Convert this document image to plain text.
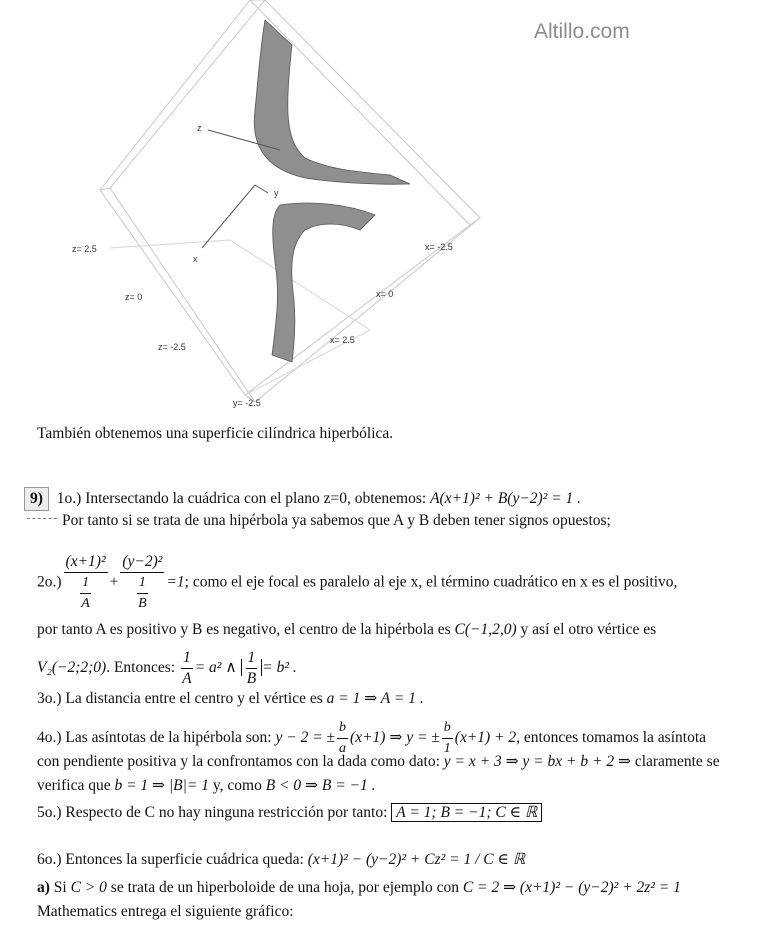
Altillo.com
z
x
y
z= 2.5
z= 0
z= -2.5
x= -2.5
x= 0
x= 2.5
y= -2.5
También obtenemos una superficie cilíndrica hiperbólica.
9) 1o.) Intersectando la cuádrica con el plano z=0, obtenemos: A(x+1)² + B(y−2)² = 1 .
Por tanto si se trata de una hipérbola ya sabemos que A y B deben tener signos opuestos;
$2o.) \frac{\text{(x+1)²}}{\frac{1}{A}} + \frac{\text{(y−2)²}}{\frac{1}{B}} =1$; como el eje focal es paralelo al eje x, el término cuadrático en x es el positivo,
por tanto A es positivo y B es negativo, el centro de la hipérbola es C(−1,2,0) y así el otro vértice es
V₂(−2;2;0). Entonces: $\frac{1}{A} = a^2$ ∧ $\frac{1}{B} = b^2$ .
3o.) La distancia entre el centro y el vértice es a = 1 ⇒ A = 1 .
4o.) Las asíntotas de la hipérbola son: y − 2 = ± $\frac{b}{a} (x+1)$ ⇒ y = ± $\frac{b}{1} (x+1) + 2$, entonces tomamos la asíntota
con pendiente positiva y la confrontamos con la dada como dato: y = x + 3 ⇒ y = bx + b + 2 ⇒ claramente se
verifica que b = 1 ⇒ |B|= 1 y, como B < 0 ⇒ B = −1 .
5o.) Respecto de C no hay ninguna restricción por tanto: A = 1; B = −1; C ∈ ℝ
6o.) Entonces la superficie cuádrica queda: (x+1)² − (y−2)² + Cz² = 1 / C ∈ ℝ
a) Si C > 0 se trata de un hiperboloide de una hoja, por ejemplo con C = 2 ⇒ (x+1)² − (y−2)² + 2z² = 1
Mathematics entrega el siguiente gráfico:
